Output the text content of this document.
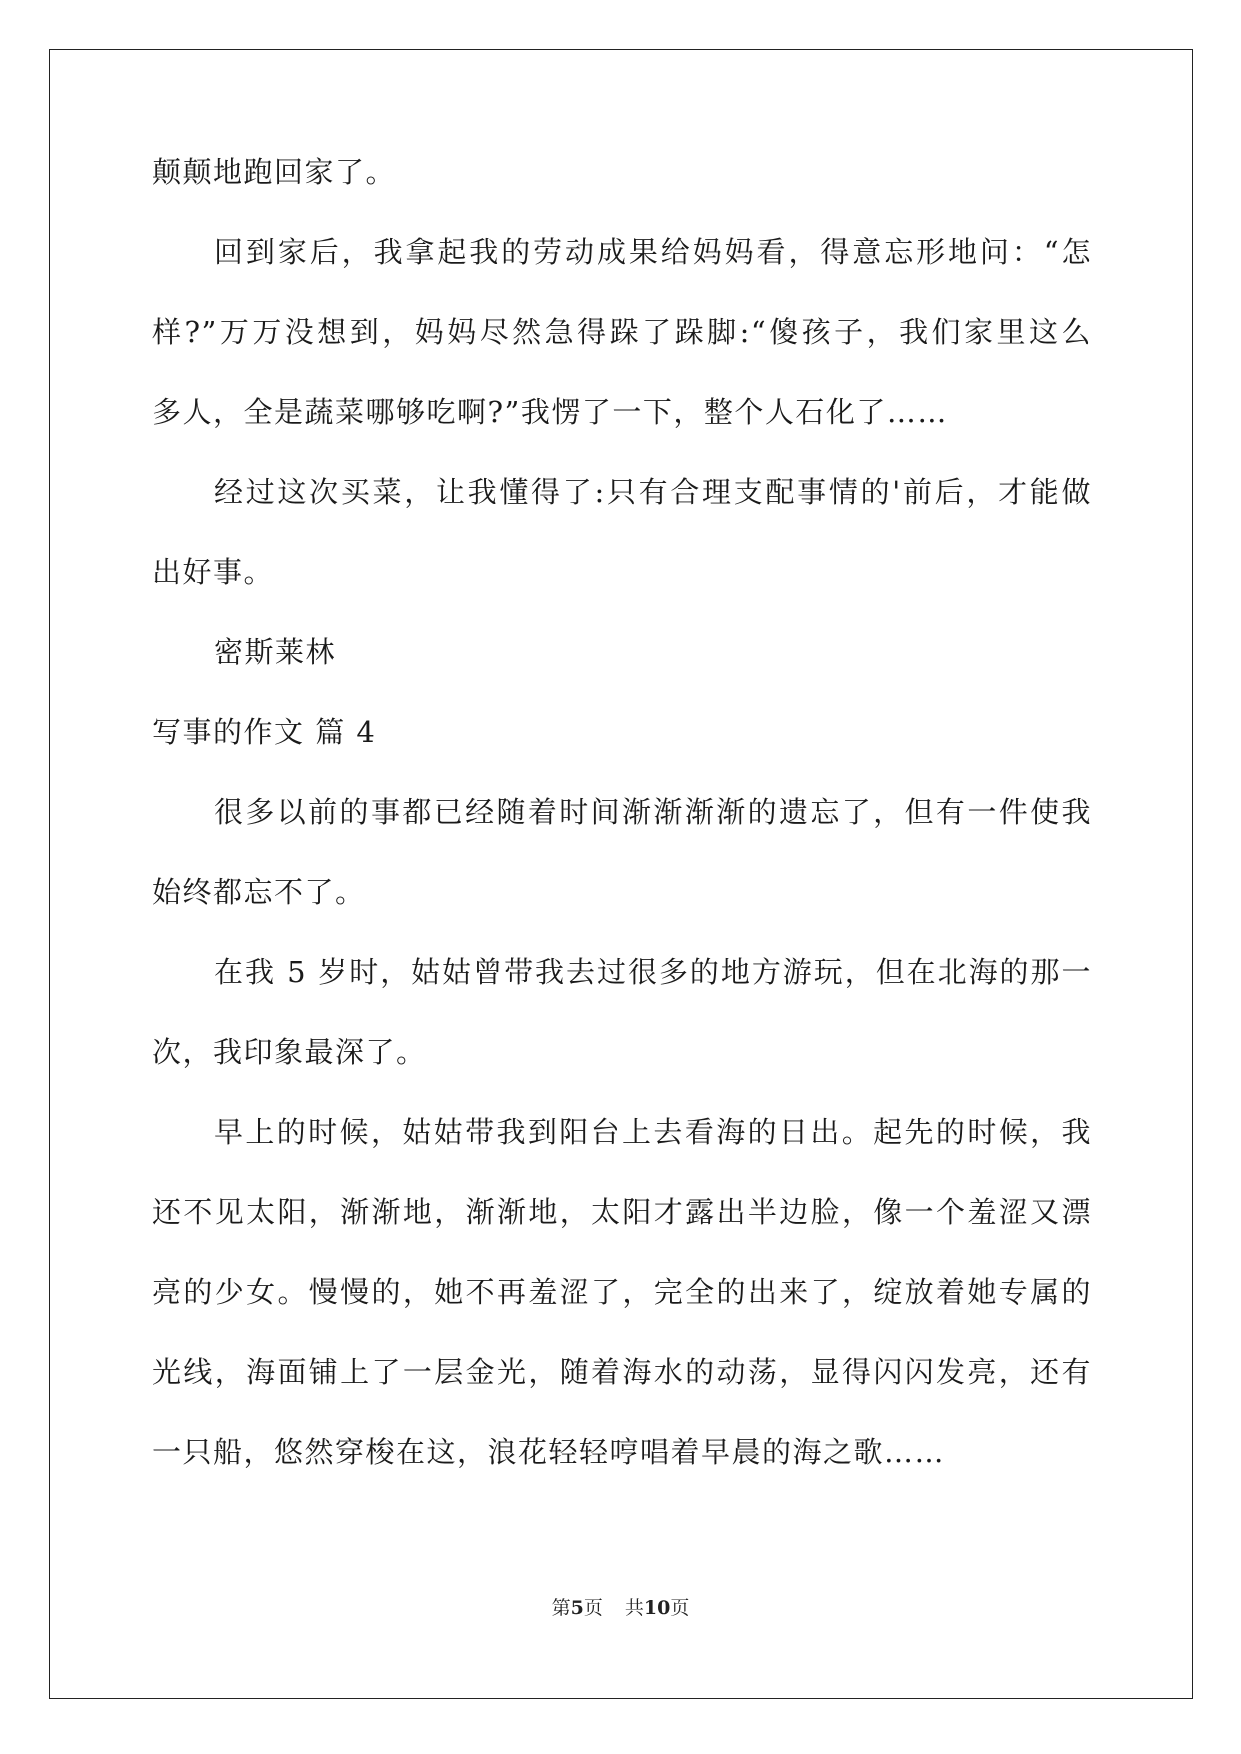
颠颠地跑回家了。
回到家后，我拿起我的劳动成果给妈妈看，得意忘形地问：“怎
样?”万万没想到，妈妈尽然急得跺了跺脚:“傻孩子，我们家里这么
多人，全是蔬菜哪够吃啊?”我愣了一下，整个人石化了……
经过这次买菜，让我懂得了:只有合理支配事情的'前后，才能做
出好事。
密斯莱林
写事的作文 篇 4
很多以前的事都已经随着时间渐渐渐渐的遗忘了，但有一件使我
始终都忘不了。
在我 5 岁时，姑姑曾带我去过很多的地方游玩，但在北海的那一
次，我印象最深了。
早上的时候，姑姑带我到阳台上去看海的日出。起先的时候，我
还不见太阳，渐渐地，渐渐地，太阳才露出半边脸，像一个羞涩又漂
亮的少女。慢慢的，她不再羞涩了，完全的出来了，绽放着她专属的
光线，海面铺上了一层金光，随着海水的动荡，显得闪闪发亮，还有
一只船，悠然穿梭在这，浪花轻轻哼唱着早晨的海之歌……
第5页 共10页
